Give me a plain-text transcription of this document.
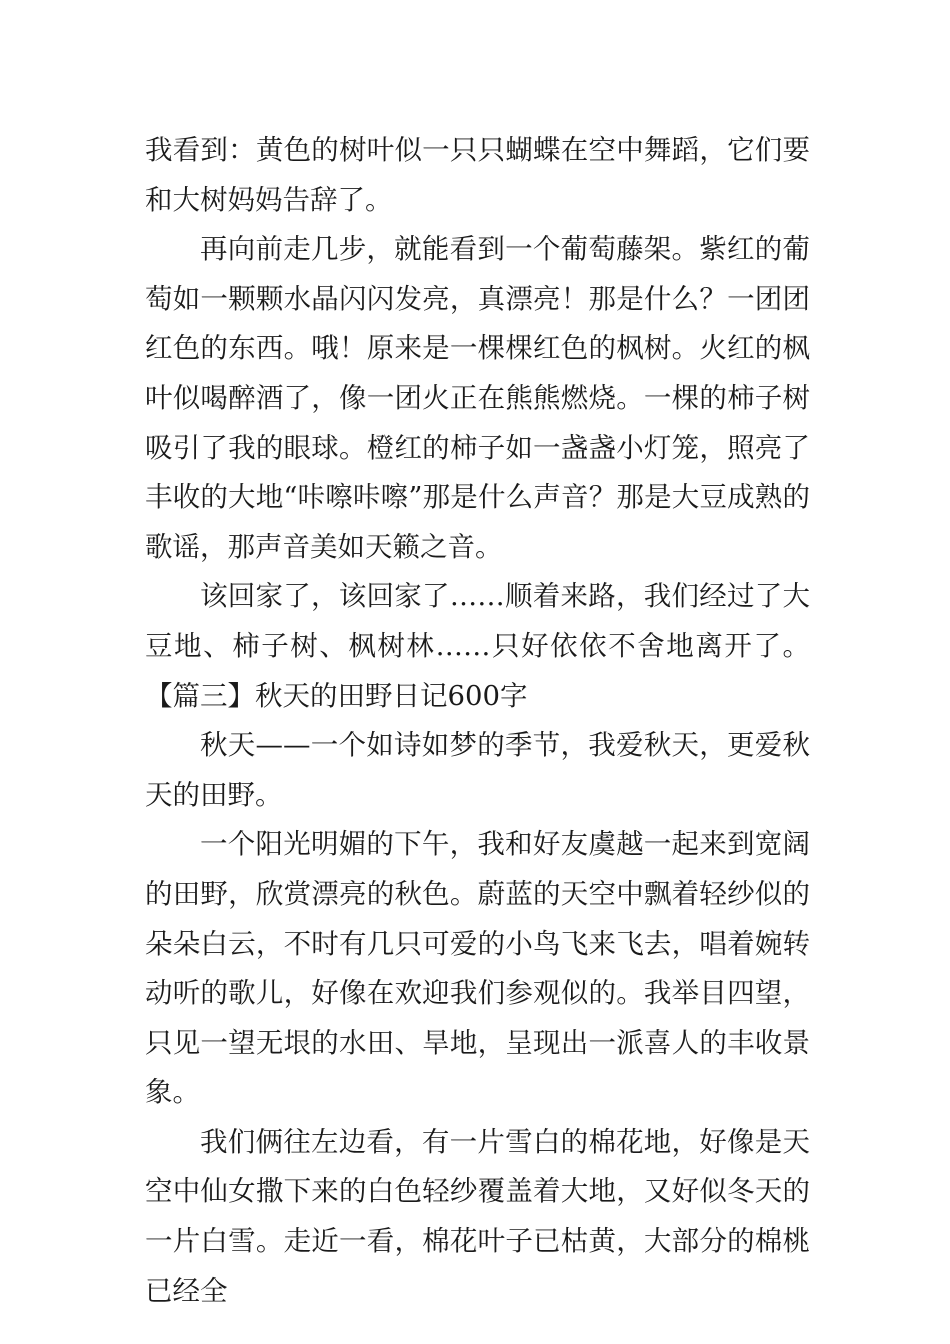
我看到：黄色的树叶似一只只蝴蝶在空中舞蹈，它们要和大树妈妈告辞了。

再向前走几步，就能看到一个葡萄藤架。紫红的葡萄如一颗颗水晶闪闪发亮，真漂亮！那是什么？一团团红色的东西。哦！原来是一棵棵红色的枫树。火红的枫叶似喝醉酒了，像一团火正在熊熊燃烧。一棵的柿子树吸引了我的眼球。橙红的柿子如一盏盏小灯笼，照亮了丰收的大地“咔嚓咔嚓”那是什么声音？那是大豆成熟的歌谣，那声音美如天籁之音。

该回家了，该回家了……顺着来路，我们经过了大豆地、柿子树、枫树林……只好依依不舍地离开了。【篇三】秋天的田野日记600字

秋天——一个如诗如梦的季节，我爱秋天，更爱秋天的田野。

一个阳光明媚的下午，我和好友虞越一起来到宽阔的田野，欣赏漂亮的秋色。蔚蓝的天空中飘着轻纱似的朵朵白云，不时有几只可爱的小鸟飞来飞去，唱着婉转动听的歌儿，好像在欢迎我们参观似的。我举目四望，只见一望无垠的水田、旱地，呈现出一派喜人的丰收景象。

我们俩往左边看，有一片雪白的棉花地，好像是天空中仙女撒下来的白色轻纱覆盖着大地，又好似冬天的一片白雪。走近一看，棉花叶子已枯黄，大部分的棉桃已经全
